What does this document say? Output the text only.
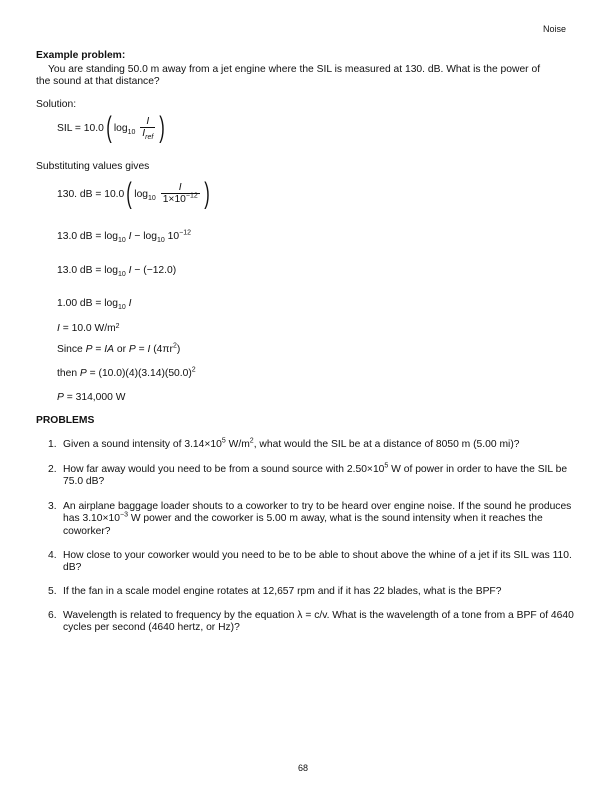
Noise
Example problem:
You are standing 50.0 m away from a jet engine where the SIL is measured at 130. dB. What is the power of
the sound at that distance?
Solution:
SIL = 10.0( $\log_{10} \frac{I}{I_{ref}}$ )
Substituting values gives
130. dB = 10.0( $\log_{10} \frac{I}{1\times 10^{-12}}$ )
13.0 dB = $\log_{10} I - \log_{10} 10^{-12}$
13.0 dB = $\log_{10} I - (-12.0)$
1.00 dB = $\log_{10} I$
I = 10.0 $W/m^2$
Since P = IA or P = I $(4\pi r^2)$
then $P = (10.0)(4)(3.14)(50.0)^2$
P = 314,000 W
PROBLEMS
1. Given a sound intensity of $3.14\times 10^5$ $W/m^2$, what would the SIL be at a distance of 8050 m (5.00 mi)?
2. How far away would you need to be from a sound source with $2.50\times 10^5$ W of power in order to have the SIL be 75.0 dB?
3. An airplane baggage loader shouts to a coworker to try to be heard over engine noise. If the sound he produces has $3.10\times 10^{-3}$ W power and the coworker is 5.00 m away, what is the sound intensity when it reaches the coworker?
4. How close to your coworker would you need to be to be able to shout above the whine of a jet if its SIL was 110. dB?
5. If the fan in a scale model engine rotates at 12,657 rpm and if it has 22 blades, what is the BPF?
6. Wavelength is related to frequency by the equation λ = c/v. What is the wavelength of a tone from a BPF of 4640 cycles per second (4640 hertz, or Hz)?
68
